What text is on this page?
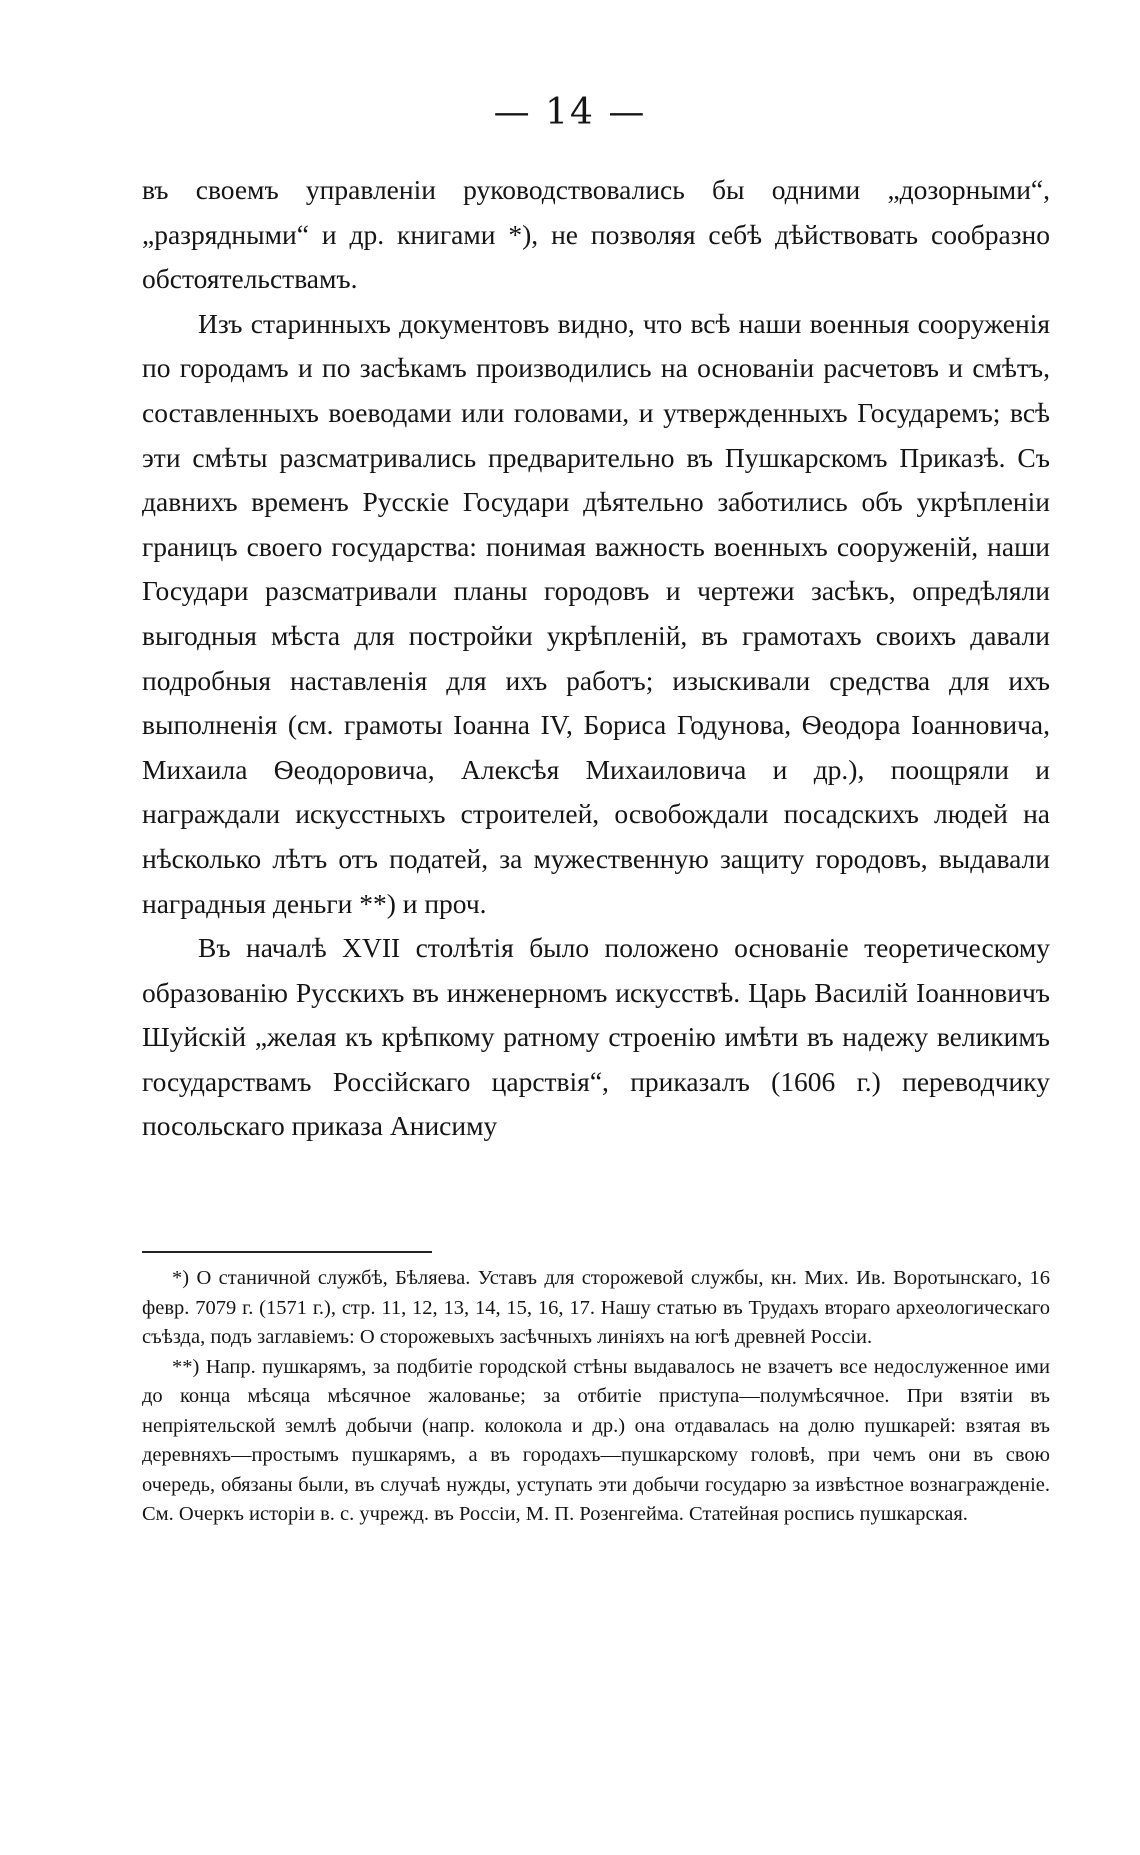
— 14 —

въ своемъ управленіи руководствовались бы одними „дозорными“, „разрядными“ и др. книгами *), не позволяя себѣ дѣйствовать сообразно обстоятельствамъ.

Изъ старинныхъ документовъ видно, что всѣ наши военныя сооруженія по городамъ и по засѣкамъ производились на основаніи расчетовъ и смѣтъ, составленныхъ воеводами или головами, и утвержденныхъ Государемъ; всѣ эти смѣты разсматривались предварительно въ Пушкарскомъ Приказѣ. Съ давнихъ временъ Русскіе Государи дѣятельно заботились объ укрѣпленіи границъ своего государства: понимая важность военныхъ сооруженій, наши Государи разсматривали планы городовъ и чертежи засѣкъ, опредѣляли выгодныя мѣста для постройки укрѣпленій, въ грамотахъ своихъ давали подробныя наставленія для ихъ работъ; изыскивали средства для ихъ выполненія (см. грамоты Іоанна IV, Бориса Годунова, Ѳеодора Іоанновича, Михаила Ѳеодоровича, Алексѣя Михаиловича и др.), поощряли и награждали искусстныхъ строителей, освобождали посадскихъ людей на нѣсколько лѣтъ отъ податей, за мужественную защиту городовъ, выдавали наградныя деньги **) и проч.

Въ началѣ XVII столѣтія было положено основаніе теоретическому образованію Русскихъ въ инженерномъ искусствѣ. Царь Василій Іоанновичъ Шуйскій „желая къ крѣпкому ратному строенію имѣти въ надежу великимъ государствамъ Россійскаго царствія“, приказалъ (1606 г.) переводчику посольскаго приказа Анисиму

*) О станичной службѣ, Бѣляева. Уставъ для сторожевой службы, кн. Мих. Ив. Воротынскаго, 16 февр. 7079 г. (1571 г.), стр. 11, 12, 13, 14, 15, 16, 17. Нашу статью въ Трудахъ втораго археологическаго съѣзда, подъ заглавіемъ: О сторожевыхъ засѣчныхъ линіяхъ на югѣ древней Россіи.

**) Напр. пушкарямъ, за подбитіе городской стѣны выдавалось не взачетъ все недослуженное ими до конца мѣсяца мѣсячное жалованье; за отбитіе приступа—полумѣсячное. При взятіи въ непріятельской землѣ добычи (напр. колокола и др.) она отдавалась на долю пушкарей: взятая въ деревняхъ—простымъ пушкарямъ, а въ городахъ—пушкарскому головѣ, при чемъ они въ свою очередь, обязаны были, въ случаѣ нужды, уступать эти добычи государю за извѣстное вознагражденіе. См. Очеркъ исторіи в. с. учрежд. въ Россіи, М. П. Розенгейма. Статейная роспись пушкарская.
